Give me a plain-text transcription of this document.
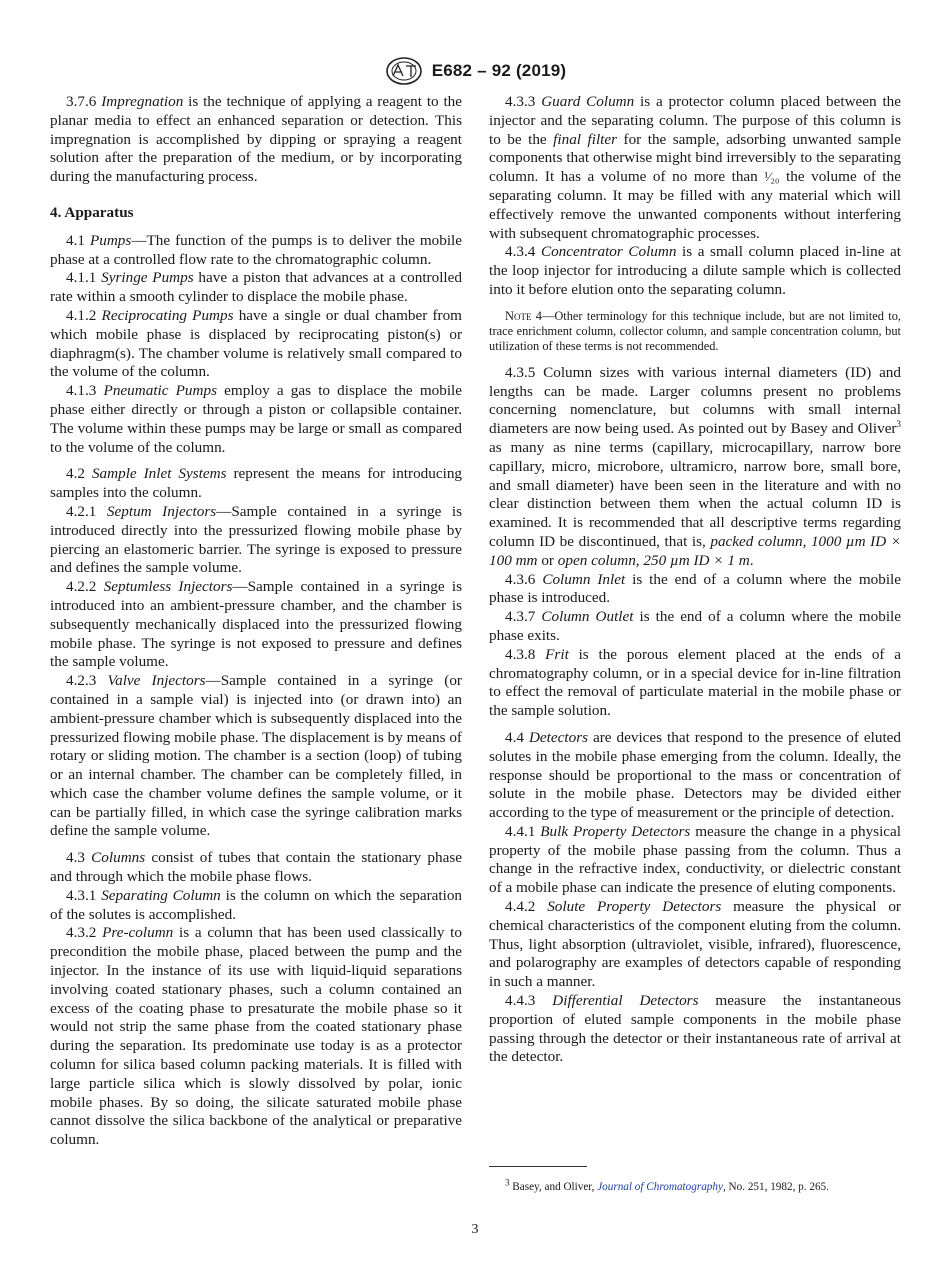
E682 – 92 (2019)

3.7.6 Impregnation is the technique of applying a reagent to the planar media to effect an enhanced separation or detection. This impregnation is accomplished by dipping or spraying a reagent solution after the preparation of the medium, or by incorporating during the manufacturing process.

4. Apparatus

4.1 Pumps—The function of the pumps is to deliver the mobile phase at a controlled flow rate to the chromatographic column.

4.1.1 Syringe Pumps have a piston that advances at a controlled rate within a smooth cylinder to displace the mobile phase.

4.1.2 Reciprocating Pumps have a single or dual chamber from which mobile phase is displaced by reciprocating piston(s) or diaphragm(s). The chamber volume is relatively small compared to the volume of the column.

4.1.3 Pneumatic Pumps employ a gas to displace the mobile phase either directly or through a piston or collapsible container. The volume within these pumps may be large or small as compared to the volume of the column.

4.2 Sample Inlet Systems represent the means for introducing samples into the column.

4.2.1 Septum Injectors—Sample contained in a syringe is introduced directly into the pressurized flowing mobile phase by piercing an elastomeric barrier. The syringe is exposed to pressure and defines the sample volume.

4.2.2 Septumless Injectors—Sample contained in a syringe is introduced into an ambient-pressure chamber, and the chamber is subsequently mechanically displaced into the pressurized flowing mobile phase. The syringe is not exposed to pressure and defines the sample volume.

4.2.3 Valve Injectors—Sample contained in a syringe (or contained in a sample vial) is injected into (or drawn into) an ambient-pressure chamber which is subsequently displaced into the pressurized flowing mobile phase. The displacement is by means of rotary or sliding motion. The chamber is a section (loop) of tubing or an internal chamber. The chamber can be completely filled, in which case the chamber volume defines the sample volume, or it can be partially filled, in which case the syringe calibration marks define the sample volume.

4.3 Columns consist of tubes that contain the stationary phase and through which the mobile phase flows.

4.3.1 Separating Column is the column on which the separation of the solutes is accomplished.

4.3.2 Pre-column is a column that has been used classically to precondition the mobile phase, placed between the pump and the injector. In the instance of its use with liquid-liquid separations involving coated stationary phases, such a column contained an excess of the coating phase to presaturate the mobile phase so it would not strip the same phase from the coated stationary phase during the separation. Its predominate use today is as a protector column for silica based column packing materials. It is filled with large particle silica which is slowly dissolved by polar, ionic mobile phases. By so doing, the silicate saturated mobile phase cannot dissolve the silica backbone of the analytical or preparative column.

4.3.3 Guard Column is a protector column placed between the injector and the separating column. The purpose of this column is to be the final filter for the sample, adsorbing unwanted sample components that otherwise might bind irreversibly to the separating column. It has a volume of no more than ¹⁄₂₀ the volume of the separating column. It may be filled with any material which will effectively remove the unwanted components without interfering with subsequent chromatographic processes.

4.3.4 Concentrator Column is a small column placed in-line at the loop injector for introducing a dilute sample which is collected into it before elution onto the separating column.

Note 4—Other terminology for this technique include, but are not limited to, trace enrichment column, collector column, and sample concentration column, but utilization of these terms is not recommended.

4.3.5 Column sizes with various internal diameters (ID) and lengths can be made. Larger columns present no problems concerning nomenclature, but columns with small internal diameters are now being used. As pointed out by Basey and Oliver$^3$ as many as nine terms (capillary, microcapillary, narrow bore capillary, micro, microbore, ultramicro, narrow bore, small bore, and small diameter) have been seen in the literature and with no clear distinction between them when the actual column ID is examined. It is recommended that all descriptive terms regarding column ID be discontinued, that is, packed column, 1000 µm ID × 100 mm or open column, 250 µm ID × 1 m.

4.3.6 Column Inlet is the end of a column where the mobile phase is introduced.

4.3.7 Column Outlet is the end of a column where the mobile phase exits.

4.3.8 Frit is the porous element placed at the ends of a chromatography column, or in a special device for in-line filtration to effect the removal of particulate material in the mobile phase or the sample solution.

4.4 Detectors are devices that respond to the presence of eluted solutes in the mobile phase emerging from the column. Ideally, the response should be proportional to the mass or concentration of solute in the mobile phase. Detectors may be divided either according to the type of measurement or the principle of detection.

4.4.1 Bulk Property Detectors measure the change in a physical property of the mobile phase passing from the column. Thus a change in the refractive index, conductivity, or dielectric constant of a mobile phase can indicate the presence of eluting components.

4.4.2 Solute Property Detectors measure the physical or chemical characteristics of the component eluting from the column. Thus, light absorption (ultraviolet, visible, infrared), fluorescence, and polarography are examples of detectors capable of responding in such a manner.

4.4.3 Differential Detectors measure the instantaneous proportion of eluted sample components in the mobile phase passing through the detector or their instantaneous rate of arrival at the detector.

$^3$ Basey, and Oliver, Journal of Chromatography, No. 251, 1982, p. 265.
3
